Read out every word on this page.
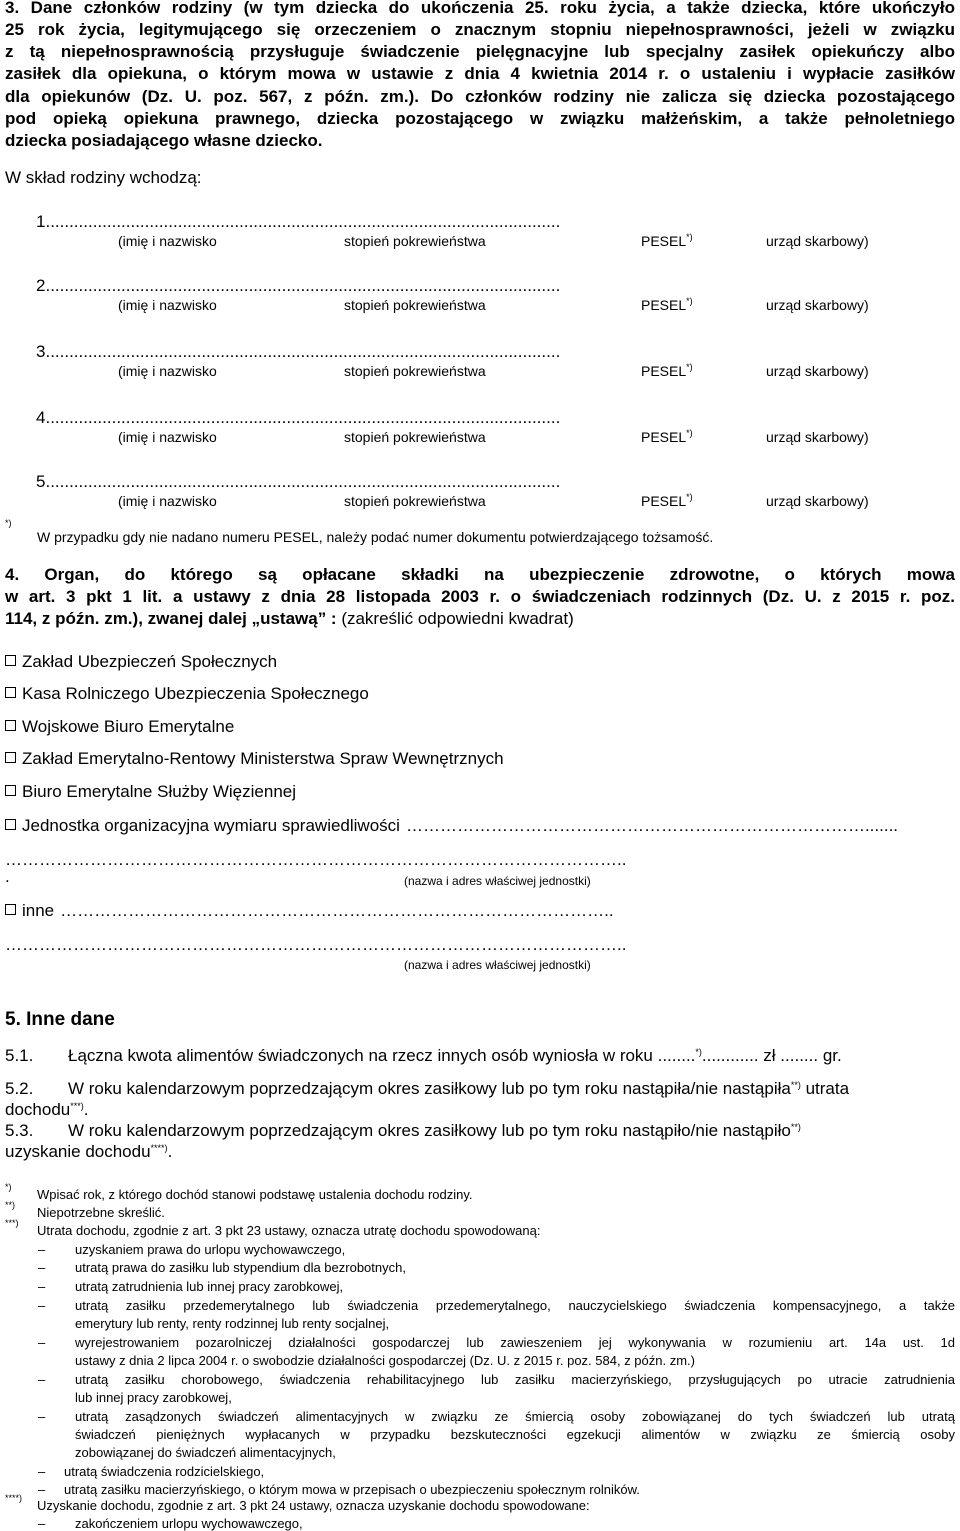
3. Dane członków rodziny (w tym dziecka do ukończenia 25. roku życia, a także dziecka, które ukończyło
25 rok życia, legitymującego się orzeczeniem o znacznym stopniu niepełnosprawności, jeżeli w związku
z tą niepełnosprawnością przysługuje świadczenie pielęgnacyjne lub specjalny zasiłek opiekuńczy albo
zasiłek dla opiekuna, o którym mowa w ustawie z dnia 4 kwietnia 2014 r. o ustaleniu i wypłacie zasiłków
dla opiekunów (Dz. U. poz. 567, z późn. zm.). Do członków rodziny nie zalicza się dziecka pozostającego
pod opieką opiekuna prawnego, dziecka pozostającego w związku małżeńskim, a także pełnoletniego
dziecka posiadającego własne dziecko.
W skład rodziny wchodzą:
1.............................................................................................................
(imię i nazwisko	stopień pokrewieństwa	PESEL*)	urząd skarbowy)
2.............................................................................................................
(imię i nazwisko	stopień pokrewieństwa	PESEL*)	urząd skarbowy)
3.............................................................................................................
(imię i nazwisko	stopień pokrewieństwa	PESEL*)	urząd skarbowy)
4.............................................................................................................
(imię i nazwisko	stopień pokrewieństwa	PESEL*)	urząd skarbowy)
5.............................................................................................................
(imię i nazwisko	stopień pokrewieństwa	PESEL*)	urząd skarbowy)
*)
W przypadku gdy nie nadano numeru PESEL, należy podać numer dokumentu potwierdzającego tożsamość.
4. Organ, do którego są opłacane składki na ubezpieczenie zdrowotne, o których mowa
w art. 3 pkt 1 lit. a ustawy z dnia 28 listopada 2003 r. o świadczeniach rodzinnych (Dz. U. z 2015 r. poz.
114, z późn. zm.), zwanej dalej „ustawą” : (zakreślić odpowiedni kwadrat)
Zakład Ubezpieczeń Społecznych
Kasa Rolniczego Ubezpieczenia Społecznego
Wojskowe Biuro Emerytalne
Zakład Emerytalno-Rentowy Ministerstwa Spraw Wewnętrznych
Biuro Emerytalne Służby Więziennej
Jednostka organizacyjna wymiaru sprawiedliwości ……………………………………………………………………….......
………………………………………………………………………………………………..
.	(nazwa i adres właściwej jednostki)
inne ……………………………………………………………………………………..
………………………………………………………………………………………………..
(nazwa i adres właściwej jednostki)
5. Inne dane
5.1. Łączna kwota alimentów świadczonych na rzecz innych osób wyniosła w roku ........*)............ zł ........ gr.
5.2. W roku kalendarzowym poprzedzającym okres zasiłkowy lub po tym roku nastąpiła/nie nastąpiła**) utrata
dochodu***).
5.3. W roku kalendarzowym poprzedzającym okres zasiłkowy lub po tym roku nastąpiło/nie nastąpiło**)
uzyskanie dochodu****).
*) Wpisać rok, z którego dochód stanowi podstawę ustalenia dochodu rodziny.
**) Niepotrzebne skreślić.
***) Utrata dochodu, zgodnie z art. 3 pkt 23 ustawy, oznacza utratę dochodu spowodowaną:
– uzyskaniem prawa do urlopu wychowawczego,
– utratą prawa do zasiłku lub stypendium dla bezrobotnych,
– utratą zatrudnienia lub innej pracy zarobkowej,
– utratą zasiłku przedemerytalnego lub świadczenia przedemerytalnego, nauczycielskiego świadczenia kompensacyjnego, a także
emerytury lub renty, renty rodzinnej lub renty socjalnej,
– wyrejestrowaniem pozarolniczej działalności gospodarczej lub zawieszeniem jej wykonywania w rozumieniu art. 14a ust. 1d
ustawy z dnia 2 lipca 2004 r. o swobodzie działalności gospodarczej (Dz. U. z 2015 r. poz. 584, z późn. zm.)
– utratą zasiłku chorobowego, świadczenia rehabilitacyjnego lub zasiłku macierzyńskiego, przysługujących po utracie zatrudnienia
lub innej pracy zarobkowej,
– utratą zasądzonych świadczeń alimentacyjnych w związku ze śmiercią osoby zobowiązanej do tych świadczeń lub utratą
świadczeń pieniężnych wypłacanych w przypadku bezskuteczności egzekucji alimentów w związku ze śmiercią osoby
zobowiązanej do świadczeń alimentacyjnych,
– utratą świadczenia rodzicielskiego,
– utratą zasiłku macierzyńskiego, o którym mowa w przepisach o ubezpieczeniu społecznym rolników.
****) Uzyskanie dochodu, zgodnie z art. 3 pkt 24 ustawy, oznacza uzyskanie dochodu spowodowane:
– zakończeniem urlopu wychowawczego,
